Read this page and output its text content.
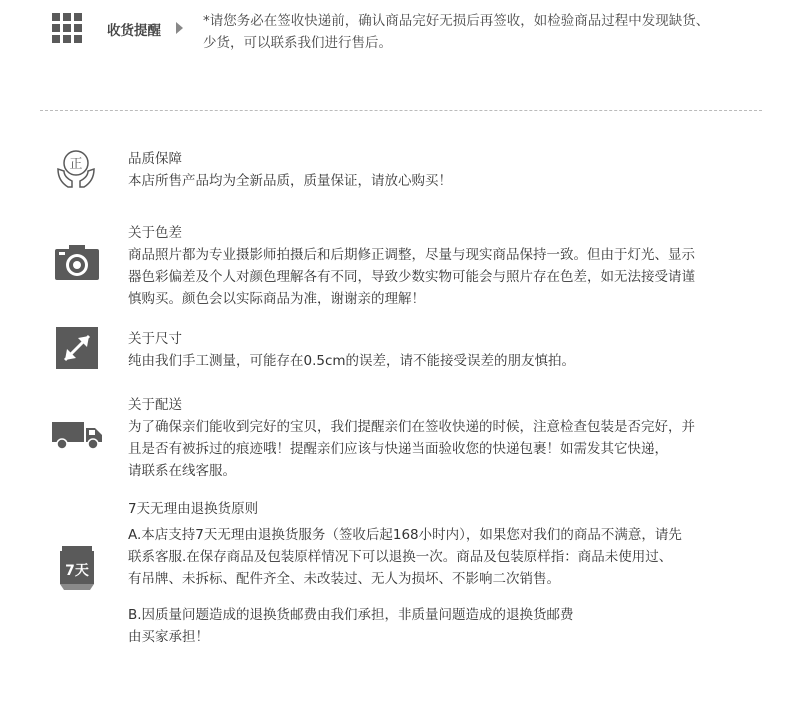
收货提醒
*请您务必在签收快递前，确认商品完好无损后再签收，如检验商品过程中发现缺货、
少货，可以联系我们进行售后。
正	品质保障
本店所售产品均为全新品质，质量保证，请放心购买！
关于色差
商品照片都为专业摄影师拍摄后和后期修正调整，尽量与现实商品保持一致。但由于灯光、显示
器色彩偏差及个人对颜色理解各有不同，导致少数实物可能会与照片存在色差，如无法接受请谨
慎购买。颜色会以实际商品为准，谢谢亲的理解！
关于尺寸
纯由我们手工测量，可能存在0.5cm的误差，请不能接受误差的朋友慎拍。
关于配送
为了确保亲们能收到完好的宝贝，我们提醒亲们在签收快递的时候，注意检查包装是否完好，并
且是否有被拆过的痕迹哦！提醒亲们应该与快递当面验收您的快递包裹！如需发其它快递，
请联系在线客服。
7天
7天无理由退换货原则
A.本店支持7天无理由退换货服务（签收后起168小时内），如果您对我们的商品不满意，请先
联系客服.在保存商品及包装原样情况下可以退换一次。商品及包装原样指：商品未使用过、
有吊牌、未拆标、配件齐全、未改装过、无人为损坏、不影响二次销售。
B.因质量问题造成的退换货邮费由我们承担，非质量问题造成的退换货邮费
由买家承担！
